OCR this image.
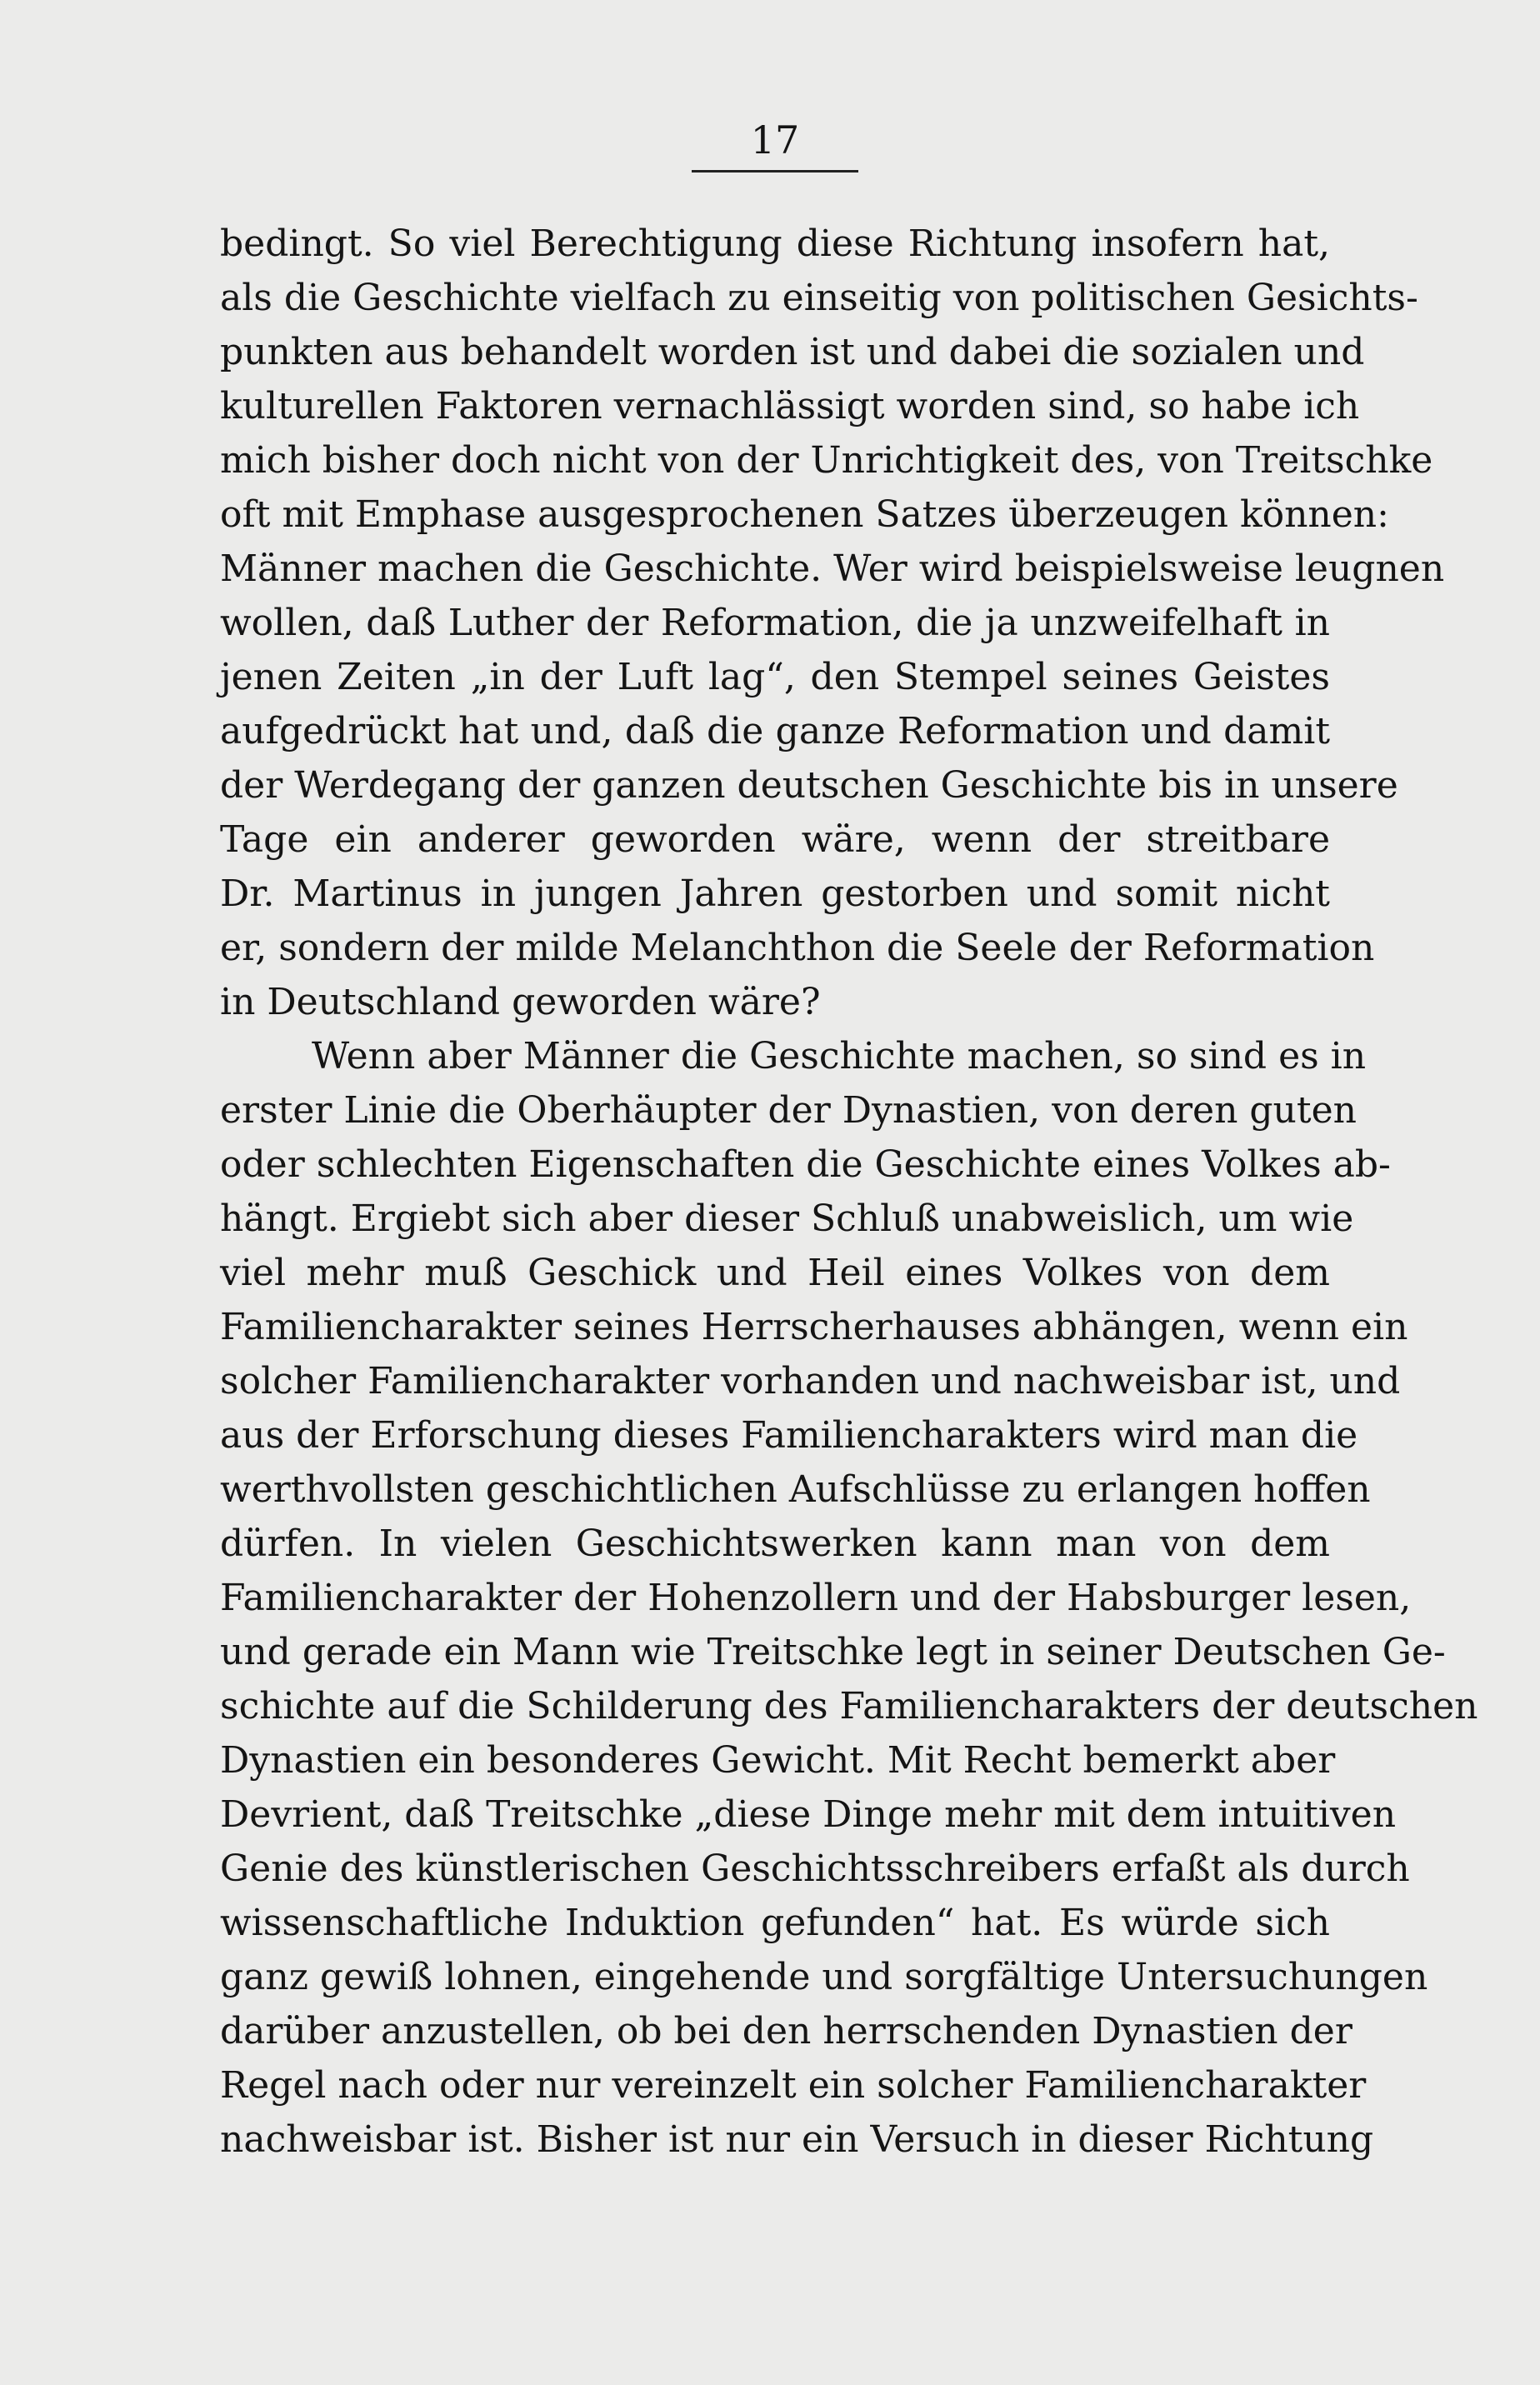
17
bedingt. So viel Berechtigung diese Richtung insofern hat,
als die Geschichte vielfach zu einseitig von politischen Gesichts-
punkten aus behandelt worden ist und dabei die sozialen und
kulturellen Faktoren vernachlässigt worden sind, so habe ich
mich bisher doch nicht von der Unrichtigkeit des, von Treitschke
oft mit Emphase ausgesprochenen Satzes überzeugen können:
Männer machen die Geschichte. Wer wird beispielsweise leugnen
wollen, daß Luther der Reformation, die ja unzweifelhaft in
jenen Zeiten „in der Luft lag“, den Stempel seines Geistes
aufgedrückt hat und, daß die ganze Reformation und damit
der Werdegang der ganzen deutschen Geschichte bis in unsere
Tage ein anderer geworden wäre, wenn der streitbare
Dr. Martinus in jungen Jahren gestorben und somit nicht
er, sondern der milde Melanchthon die Seele der Reformation
in Deutschland geworden wäre?
Wenn aber Männer die Geschichte machen, so sind es in
erster Linie die Oberhäupter der Dynastien, von deren guten
oder schlechten Eigenschaften die Geschichte eines Volkes ab-
hängt. Ergiebt sich aber dieser Schluß unabweislich, um wie
viel mehr muß Geschick und Heil eines Volkes von dem
Familiencharakter seines Herrscherhauses abhängen, wenn ein
solcher Familiencharakter vorhanden und nachweisbar ist, und
aus der Erforschung dieses Familiencharakters wird man die
werthvollsten geschichtlichen Aufschlüsse zu erlangen hoffen
dürfen. In vielen Geschichtswerken kann man von dem
Familiencharakter der Hohenzollern und der Habsburger lesen,
und gerade ein Mann wie Treitschke legt in seiner Deutschen Ge-
schichte auf die Schilderung des Familiencharakters der deutschen
Dynastien ein besonderes Gewicht. Mit Recht bemerkt aber
Devrient, daß Treitschke „diese Dinge mehr mit dem intuitiven
Genie des künstlerischen Geschichtsschreibers erfaßt als durch
wissenschaftliche Induktion gefunden“ hat. Es würde sich
ganz gewiß lohnen, eingehende und sorgfältige Untersuchungen
darüber anzustellen, ob bei den herrschenden Dynastien der
Regel nach oder nur vereinzelt ein solcher Familiencharakter
nachweisbar ist. Bisher ist nur ein Versuch in dieser Richtung
